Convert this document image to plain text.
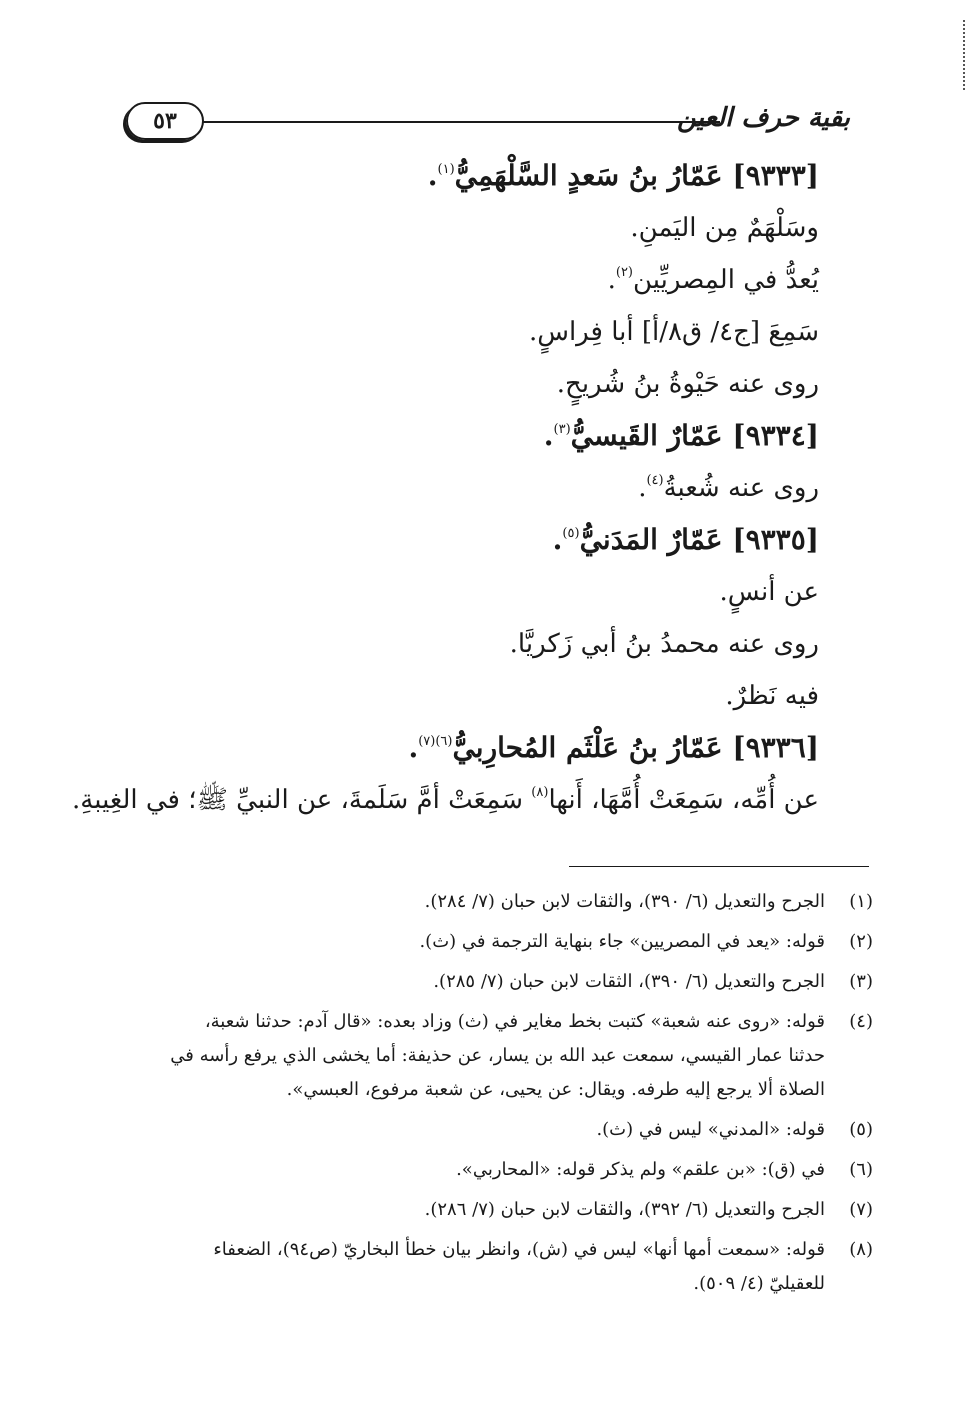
بقية حرف العين
٥٣
[٩٣٣٣] عَمّارُ بنُ سَعدٍ السَّلْهَمِيُّ$^{(١)}$.
وسَلْهَمٌ مِن اليَمنِ.
يُعدُّ في المِصريِّين$^{(٢)}$.
سَمِعَ [ج٤/ ق٨/أ] أبا فِراسٍ.
روى عنه حَيْوةُ بنُ شُريحٍ.
[٩٣٣٤] عَمّارٌ القَيسيُّ$^{(٣)}$.
روى عنه شُعبةُ$^{(٤)}$.
[٩٣٣٥] عَمّارٌ المَدَنيُّ$^{(٥)}$.
عن أنسٍ.
روى عنه محمدُ بنُ أبي زَكريَّا.
فيه نَظرٌ.
[٩٣٣٦] عَمّارُ بنُ عَلْثَم المُحارِبيُّ$^{(٦)(٧)}$.
عن أُمِّه، سَمِعَتْ أُمَّهَا، أَنها$^{(٨)}$ سَمِعَتْ أمَّ سَلَمةَ، عن النبيِّ ﷺ؛ في الغِيبةِ.
(١)
الجرح والتعديل (٦/ ٣٩٠)، والثقات لابن حبان (٧/ ٢٨٤).
(٢)
قوله: «يعد في المصريين» جاء بنهاية الترجمة في (ث).
(٣)
الجرح والتعديل (٦/ ٣٩٠)، الثقات لابن حبان (٧/ ٢٨٥).
(٤)
قوله: «روى عنه شعبة» كتبت بخط مغاير في (ث) وزاد بعده: «قال آدم: حدثنا شعبة،
حدثنا عمار القيسي، سمعت عبد الله بن يسار، عن حذيفة: أما يخشى الذي يرفع رأسه في
الصلاة ألا يرجع إليه طرفه. ويقال: عن يحيى، عن شعبة مرفوع، العبسي».
(٥)
قوله: «المدني» ليس في (ث).
(٦)
في (ق): «بن علقم» ولم يذكر قوله: «المحاربي».
(٧)
الجرح والتعديل (٦/ ٣٩٢)، والثقات لابن حبان (٧/ ٢٨٦).
(٨)
قوله: «سمعت أمها أنها» ليس في (ش)، وانظر بيان خطأ البخاريّ (ص٩٤)، الضعفاء
للعقيليّ (٤/ ٥٠٩).
